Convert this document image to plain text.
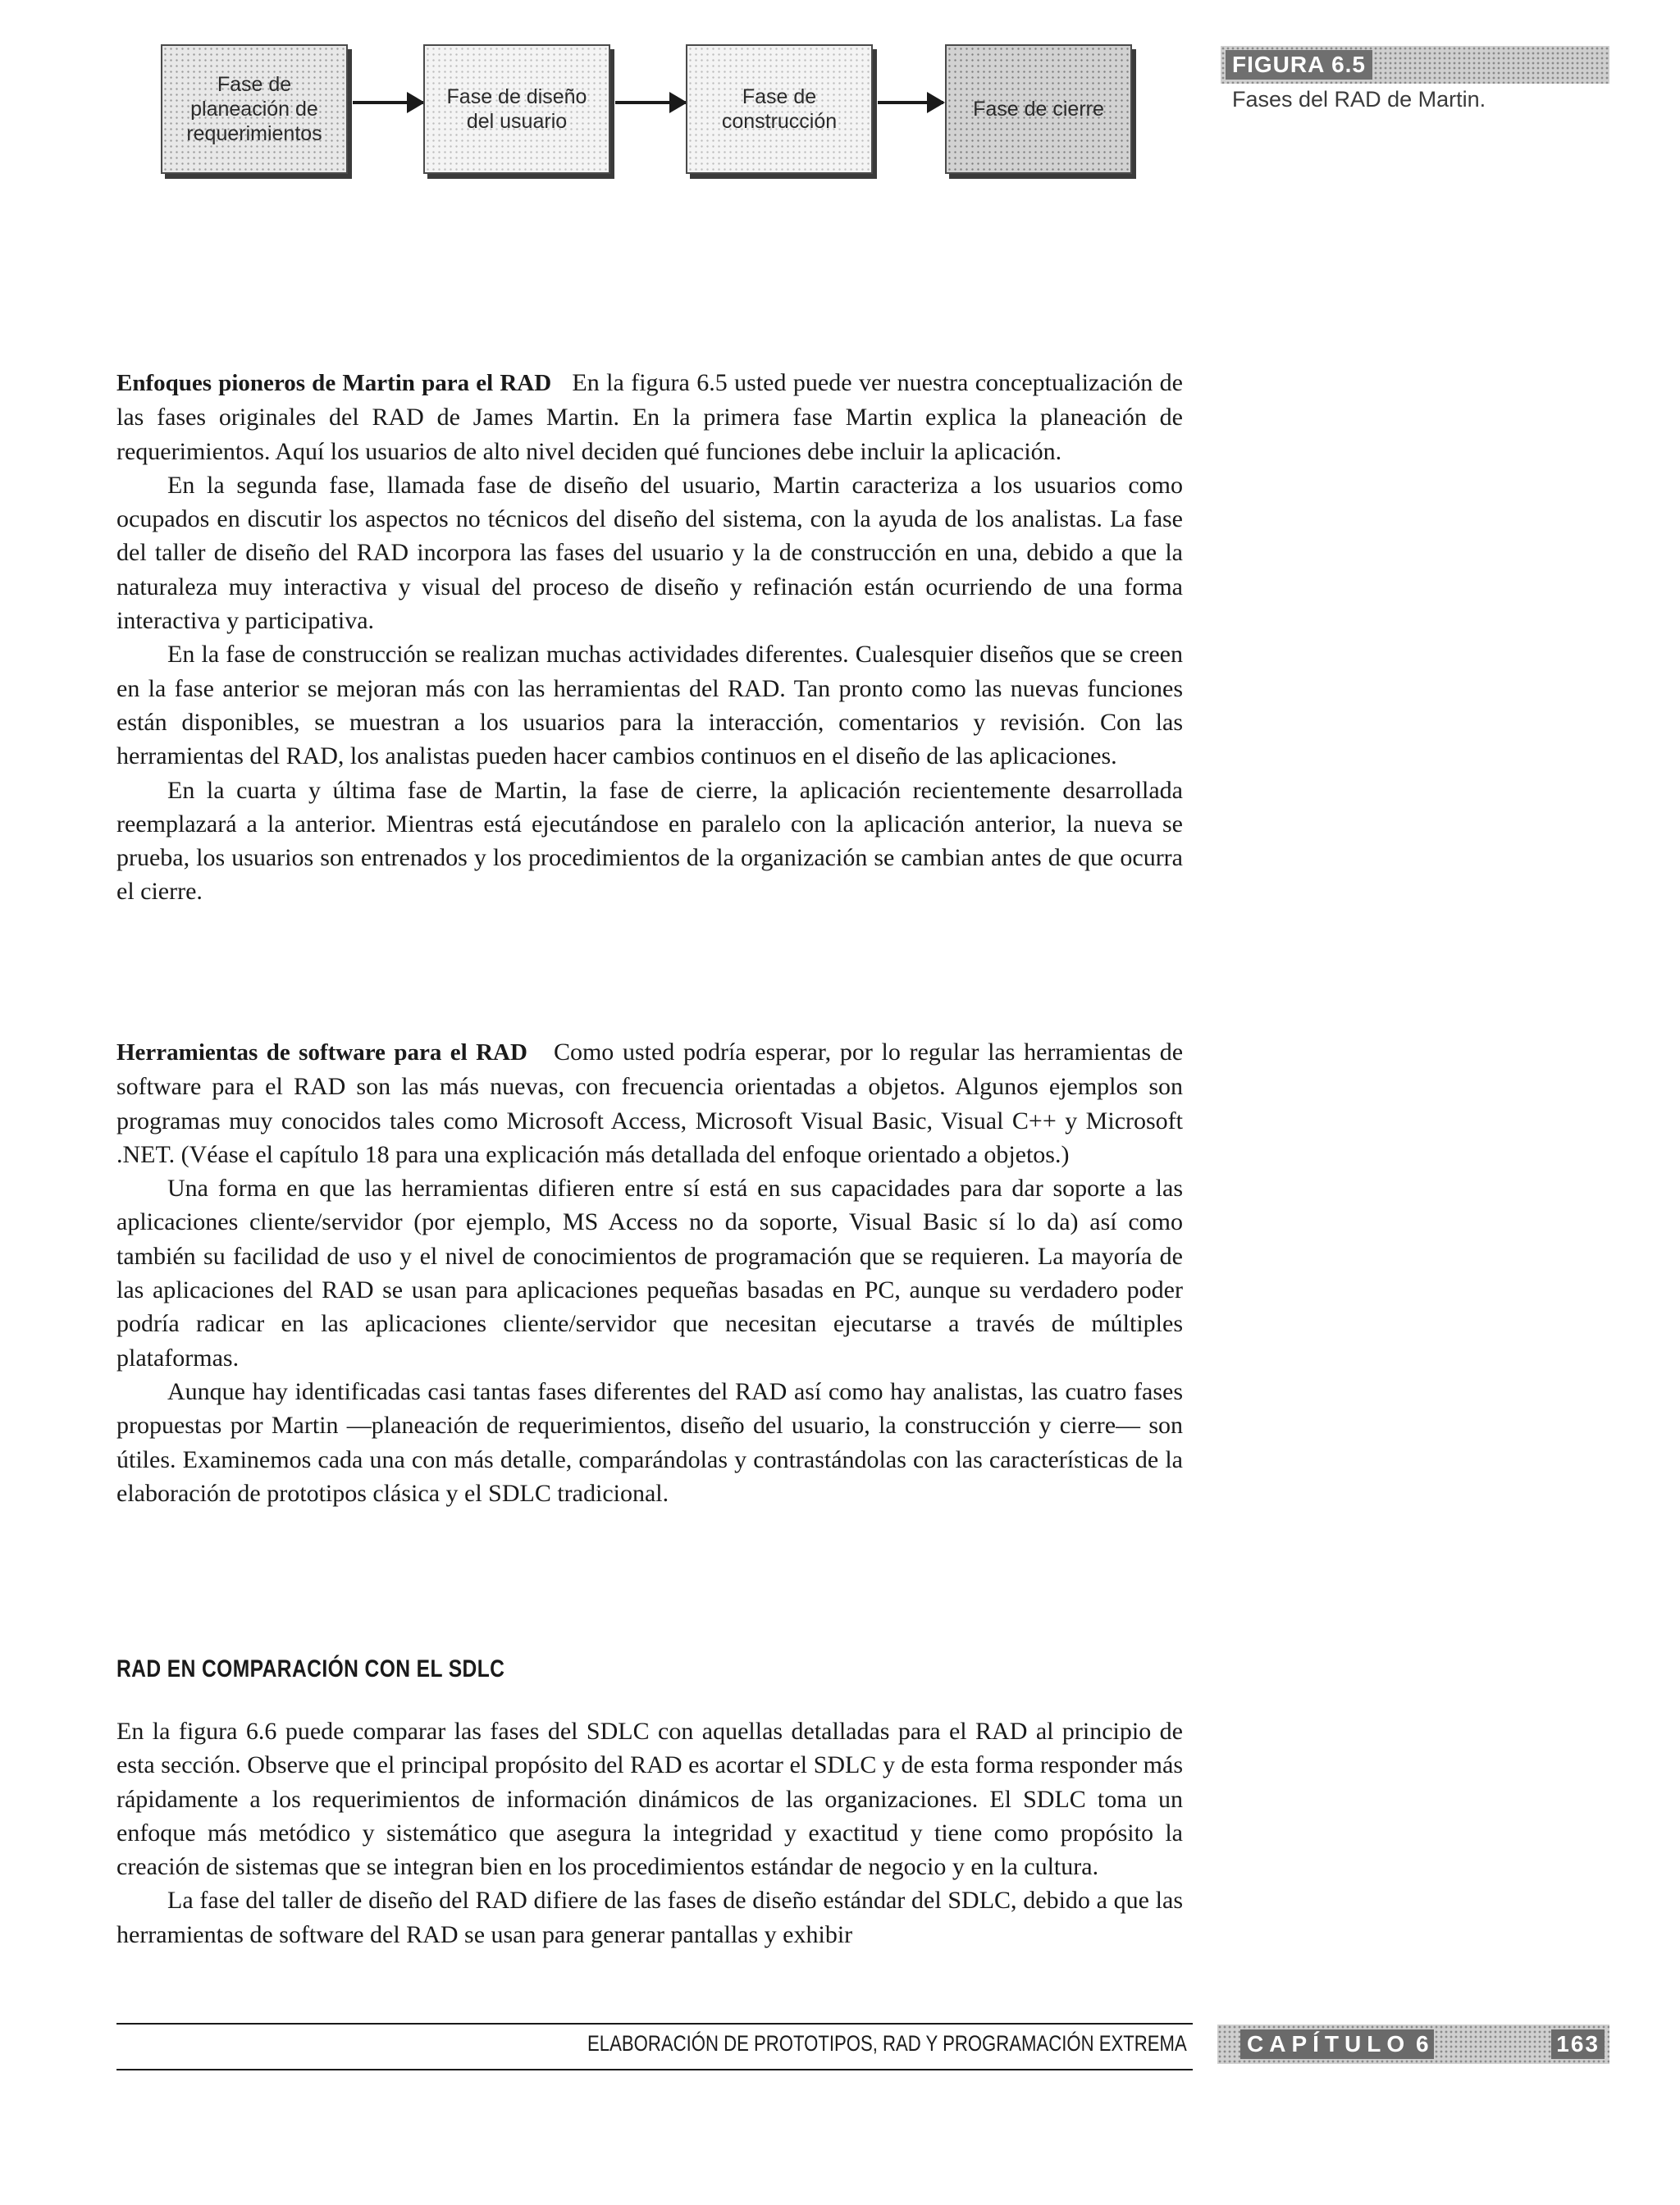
Fase de planeación de requerimientos
Fase de diseño del usuario
Fase de construcción
Fase de cierre
FIGURA 6.5
Fases del RAD de Martin.

Enfoques pioneros de Martin para el RAD En la figura 6.5 usted puede ver nuestra conceptualización de las fases originales del RAD de James Martin. En la primera fase Martin explica la planeación de requerimientos. Aquí los usuarios de alto nivel deciden qué funciones debe incluir la aplicación.

En la segunda fase, llamada fase de diseño del usuario, Martin caracteriza a los usuarios como ocupados en discutir los aspectos no técnicos del diseño del sistema, con la ayuda de los analistas. La fase del taller de diseño del RAD incorpora las fases del usuario y la de construcción en una, debido a que la naturaleza muy interactiva y visual del proceso de diseño y refinación están ocurriendo de una forma interactiva y participativa.

En la fase de construcción se realizan muchas actividades diferentes. Cualesquier diseños que se creen en la fase anterior se mejoran más con las herramientas del RAD. Tan pronto como las nuevas funciones están disponibles, se muestran a los usuarios para la interacción, comentarios y revisión. Con las herramientas del RAD, los analistas pueden hacer cambios continuos en el diseño de las aplicaciones.

En la cuarta y última fase de Martin, la fase de cierre, la aplicación recientemente desarrollada reemplazará a la anterior. Mientras está ejecutándose en paralelo con la aplicación anterior, la nueva se prueba, los usuarios son entrenados y los procedimientos de la organización se cambian antes de que ocurra el cierre.

Herramientas de software para el RAD Como usted podría esperar, por lo regular las herramientas de software para el RAD son las más nuevas, con frecuencia orientadas a objetos. Algunos ejemplos son programas muy conocidos tales como Microsoft Access, Microsoft Visual Basic, Visual C++ y Microsoft .NET. (Véase el capítulo 18 para una explicación más detallada del enfoque orientado a objetos.)

Una forma en que las herramientas difieren entre sí está en sus capacidades para dar soporte a las aplicaciones cliente/servidor (por ejemplo, MS Access no da soporte, Visual Basic sí lo da) así como también su facilidad de uso y el nivel de conocimientos de programación que se requieren. La mayoría de las aplicaciones del RAD se usan para aplicaciones pequeñas basadas en PC, aunque su verdadero poder podría radicar en las aplicaciones cliente/servidor que necesitan ejecutarse a través de múltiples plataformas.

Aunque hay identificadas casi tantas fases diferentes del RAD así como hay analistas, las cuatro fases propuestas por Martin —planeación de requerimientos, diseño del usuario, la construcción y cierre— son útiles. Examinemos cada una con más detalle, comparándolas y contrastándolas con las características de la elaboración de prototipos clásica y el SDLC tradicional.

RAD EN COMPARACIÓN CON EL SDLC

En la figura 6.6 puede comparar las fases del SDLC con aquellas detalladas para el RAD al principio de esta sección. Observe que el principal propósito del RAD es acortar el SDLC y de esta forma responder más rápidamente a los requerimientos de información dinámicos de las organizaciones. El SDLC toma un enfoque más metódico y sistemático que asegura la integridad y exactitud y tiene como propósito la creación de sistemas que se integran bien en los procedimientos estándar de negocio y en la cultura.

La fase del taller de diseño del RAD difiere de las fases de diseño estándar del SDLC, debido a que las herramientas de software del RAD se usan para generar pantallas y exhibir

ELABORACIÓN DE PROTOTIPOS, RAD Y PROGRAMACIÓN EXTREMA	CAPÍTULO 6	163
